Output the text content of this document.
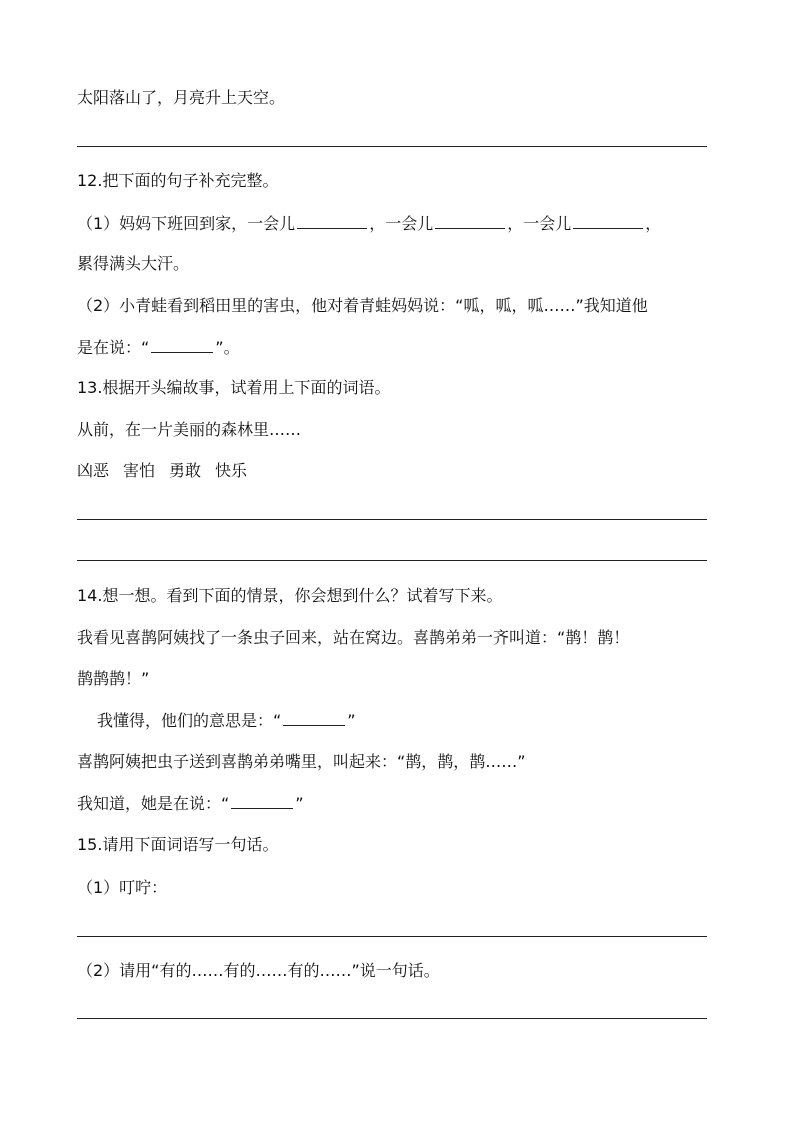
太阳落山了，月亮升上天空。
12.把下面的句子补充完整。
（1）妈妈下班回到家，一会儿	，一会儿	，一会儿	，
累得满头大汗。
（2）小青蛙看到稻田里的害虫，他对着青蛙妈妈说：“呱，呱，呱……”我知道他
是在说：“	”。
13.根据开头编故事，试着用上下面的词语。
从前，在一片美丽的森林里……
凶恶 害怕 勇敢 快乐
14.想一想。看到下面的情景，你会想到什么？试着写下来。
我看见喜鹊阿姨找了一条虫子回来，站在窝边。喜鹊弟弟一齐叫道：“鹊！鹊！
鹊鹊鹊！”
我懂得，他们的意思是：“	”
喜鹊阿姨把虫子送到喜鹊弟弟嘴里，叫起来：“鹊，鹊，鹊……”
我知道，她是在说：“	”
15.请用下面词语写一句话。
（1）叮咛：
（2）请用“有的……有的……有的……”说一句话。
